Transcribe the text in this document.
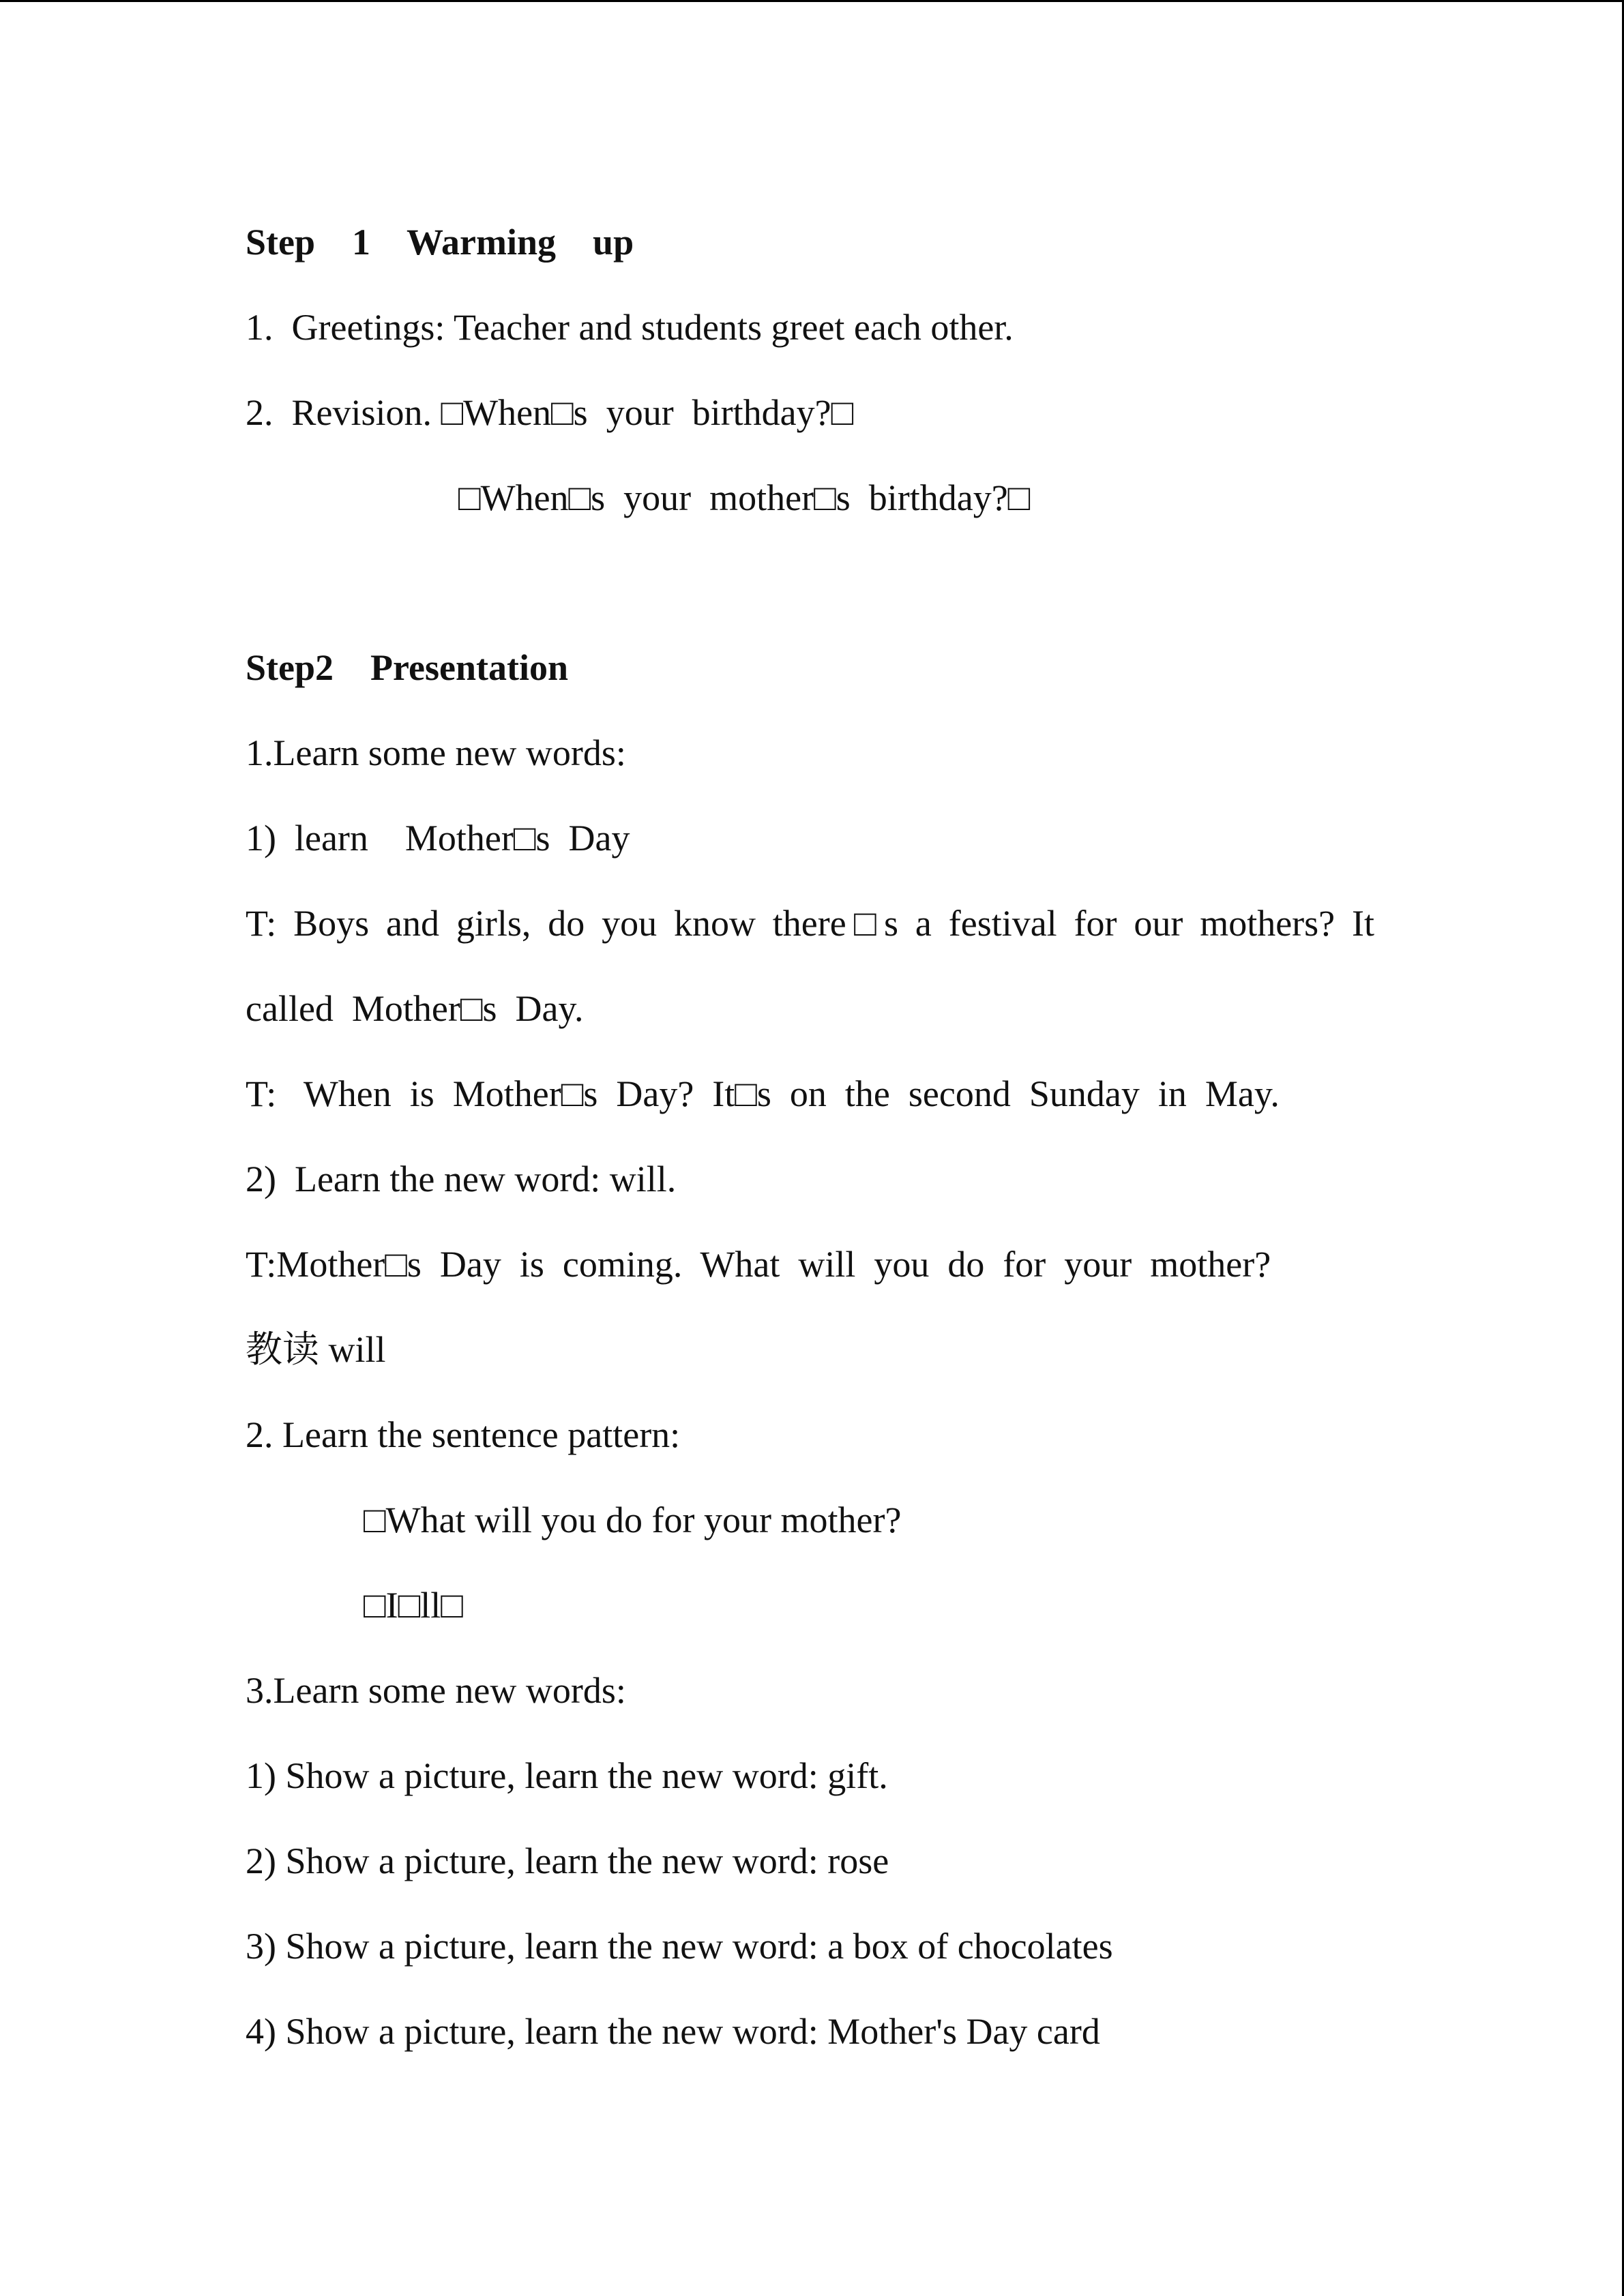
Step    1    Warming    up
1.  Greetings: Teacher and students greet each other.
2.  Revision. □When□s  your  birthday?□
□When□s  your  mother□s  birthday?□
Step2    Presentation
1.Learn some new words:
1)  learn    Mother□s  Day
T: Boys and girls, do you know there□s a festival for our mothers? It
called  Mother□s  Day.
T:   When  is  Mother□s  Day?  It□s  on  the  second  Sunday  in  May.
2)  Learn the new word: will.
T:Mother□s  Day  is  coming.  What  will  you  do  for  your  mother?
教读 will
2. Learn the sentence pattern:
□What will you do for your mother?
□I□ll□
3.Learn some new words:
1) Show a picture, learn the new word: gift.
2) Show a picture, learn the new word: rose
3) Show a picture, learn the new word: a box of chocolates
4) Show a picture, learn the new word: Mother's Day card
